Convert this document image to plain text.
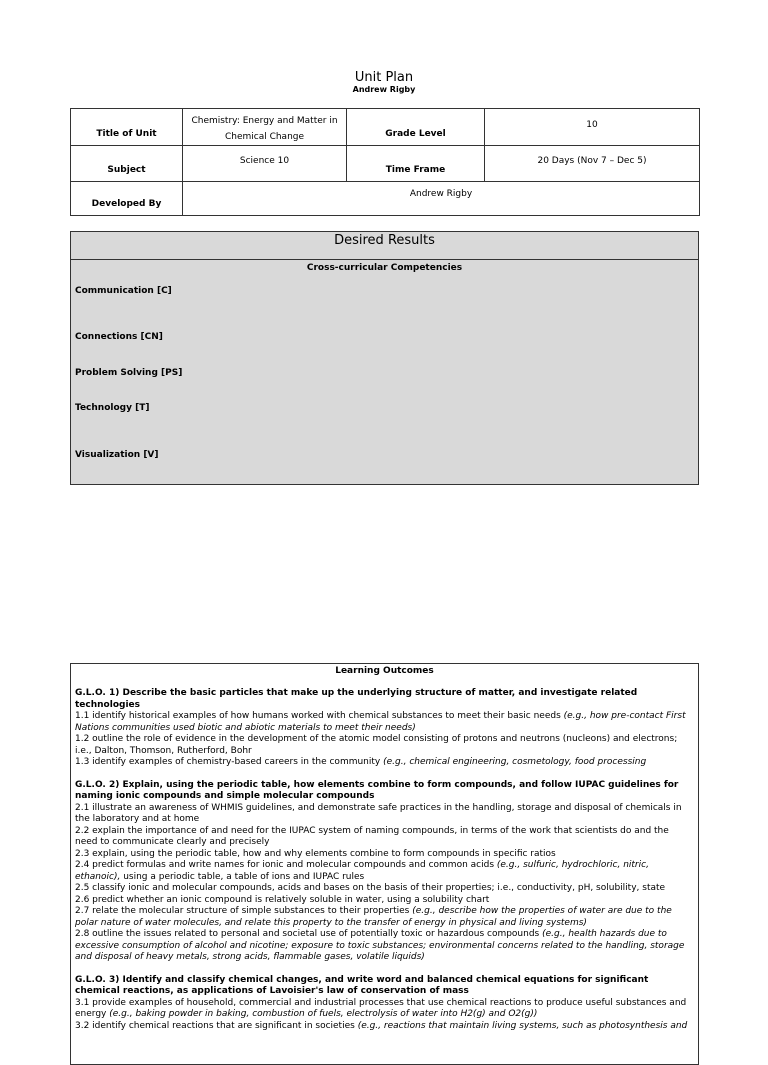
Unit Plan
Andrew Rigby
Title of Unit	Chemistry: Energy and Matter in Chemical Change	Grade Level	10
Subject	Science 10	Time Frame	20 Days (Nov 7 – Dec 5)
Developed By	Andrew Rigby		
Desired Results
Cross-curricular Competencies
Communication [C]
Connections [CN]
Problem Solving [PS]
Technology [T]
Visualization [V]
Learning Outcomes
G.L.O. 1) Describe the basic particles that make up the underlying structure of matter, and investigate related technologies
1.1 identify historical examples of how humans worked with chemical substances to meet their basic needs (e.g., how pre-contact First Nations communities used biotic and abiotic materials to meet their needs)
1.2 outline the role of evidence in the development of the atomic model consisting of protons and neutrons (nucleons) and electrons; i.e., Dalton, Thomson, Rutherford, Bohr
1.3 identify examples of chemistry-based careers in the community (e.g., chemical engineering, cosmetology, food processing
G.L.O. 2) Explain, using the periodic table, how elements combine to form compounds, and follow IUPAC guidelines for naming ionic compounds and simple molecular compounds
2.1 illustrate an awareness of WHMIS guidelines, and demonstrate safe practices in the handling, storage and disposal of chemicals in the laboratory and at home
2.2 explain the importance of and need for the IUPAC system of naming compounds, in terms of the work that scientists do and the need to communicate clearly and precisely
2.3 explain, using the periodic table, how and why elements combine to form compounds in specific ratios
2.4 predict formulas and write names for ionic and molecular compounds and common acids (e.g., sulfuric, hydrochloric, nitric, ethanoic), using a periodic table, a table of ions and IUPAC rules
2.5 classify ionic and molecular compounds, acids and bases on the basis of their properties; i.e., conductivity, pH, solubility, state
2.6 predict whether an ionic compound is relatively soluble in water, using a solubility chart
2.7 relate the molecular structure of simple substances to their properties (e.g., describe how the properties of water are due to the polar nature of water molecules, and relate this property to the transfer of energy in physical and living systems)
2.8 outline the issues related to personal and societal use of potentially toxic or hazardous compounds (e.g., health hazards due to excessive consumption of alcohol and nicotine; exposure to toxic substances; environmental concerns related to the handling, storage and disposal of heavy metals, strong acids, flammable gases, volatile liquids)
G.L.O. 3) Identify and classify chemical changes, and write word and balanced chemical equations for significant chemical reactions, as applications of Lavoisier's law of conservation of mass
3.1 provide examples of household, commercial and industrial processes that use chemical reactions to produce useful substances and energy (e.g., baking powder in baking, combustion of fuels, electrolysis of water into H2(g) and O2(g))
3.2 identify chemical reactions that are significant in societies (e.g., reactions that maintain living systems, such as photosynthesis and
